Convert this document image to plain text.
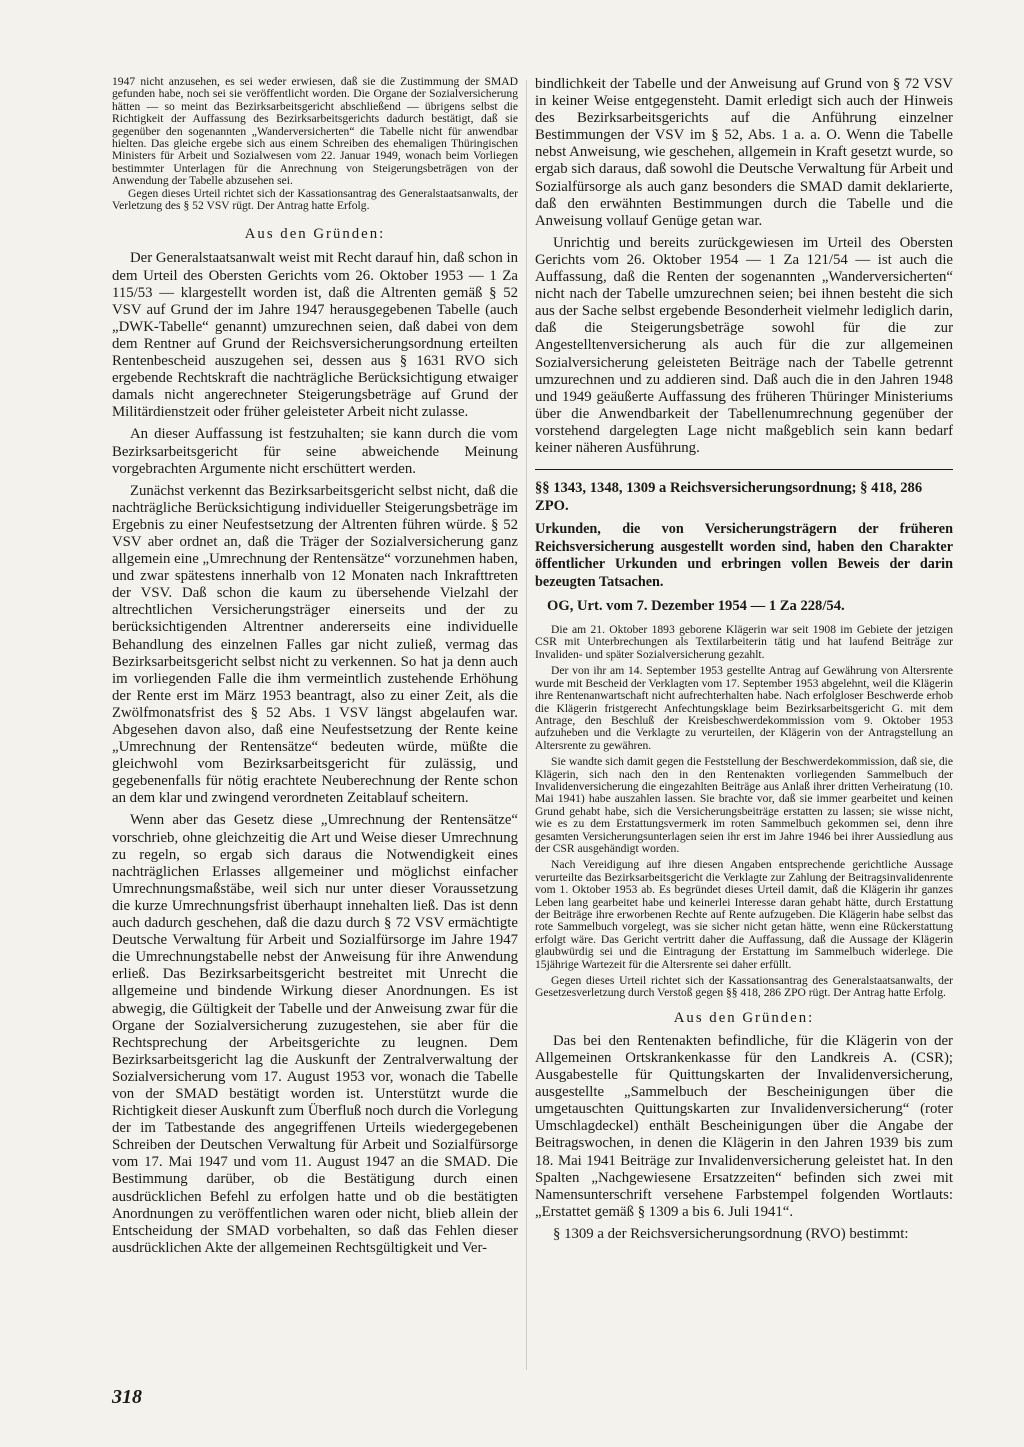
1947 nicht anzusehen, es sei weder erwiesen, daß sie die Zustimmung der SMAD gefunden habe, noch sei sie veröffentlicht worden. Die Organe der Sozialversicherung hätten — so meint das Bezirksarbeitsgericht abschließend — übrigens selbst die Richtigkeit der Auffassung des Bezirksarbeitsgerichts dadurch bestätigt, daß sie gegenüber den sogenannten „Wanderversicherten“ die Tabelle nicht für anwendbar hielten. Das gleiche ergebe sich aus einem Schreiben des ehemaligen Thüringischen Ministers für Arbeit und Sozialwesen vom 22. Januar 1949, wonach beim Vorliegen bestimmter Unterlagen für die Anrechnung von Steigerungsbeträgen von der Anwendung der Tabelle abzusehen sei.

Gegen dieses Urteil richtet sich der Kassationsantrag des Generalstaatsanwalts, der Verletzung des § 52 VSV rügt. Der Antrag hatte Erfolg.

Aus den Gründen:

Der Generalstaatsanwalt weist mit Recht darauf hin, daß schon in dem Urteil des Obersten Gerichts vom 26. Oktober 1953 — 1 Za 115/53 — klargestellt worden ist, daß die Altrenten gemäß § 52 VSV auf Grund der im Jahre 1947 herausgegebenen Tabelle (auch „DWK-Tabelle“ genannt) umzurechnen seien, daß dabei von dem dem Rentner auf Grund der Reichsversicherungsordnung erteilten Rentenbescheid auszugehen sei, dessen aus § 1631 RVO sich ergebende Rechtskraft die nachträgliche Berücksichtigung etwaiger damals nicht angerechneter Steigerungsbeträge auf Grund der Militärdienstzeit oder früher geleisteter Arbeit nicht zulasse.

An dieser Auffassung ist festzuhalten; sie kann durch die vom Bezirksarbeitsgericht für seine abweichende Meinung vorgebrachten Argumente nicht erschüttert werden.

Zunächst verkennt das Bezirksarbeitsgericht selbst nicht, daß die nachträgliche Berücksichtigung individueller Steigerungsbeträge im Ergebnis zu einer Neufestsetzung der Altrenten führen würde. § 52 VSV aber ordnet an, daß die Träger der Sozialversicherung ganz allgemein eine „Umrechnung der Rentensätze“ vorzunehmen haben, und zwar spätestens innerhalb von 12 Monaten nach Inkrafttreten der VSV. Daß schon die kaum zu übersehende Vielzahl der altrechtlichen Versicherungsträger einerseits und der zu berücksichtigenden Altrentner andererseits eine individuelle Behandlung des einzelnen Falles gar nicht zuließ, vermag das Bezirksarbeitsgericht selbst nicht zu verkennen. So hat ja denn auch im vorliegenden Falle die ihm vermeintlich zustehende Erhöhung der Rente erst im März 1953 beantragt, also zu einer Zeit, als die Zwölfmonatsfrist des § 52 Abs. 1 VSV längst abgelaufen war. Abgesehen davon also, daß eine Neufestsetzung der Rente keine „Umrechnung der Rentensätze“ bedeuten würde, müßte die gleichwohl vom Bezirksarbeitsgericht für zulässig, und gegebenenfalls für nötig erachtete Neuberechnung der Rente schon an dem klar und zwingend verordneten Zeitablauf scheitern.

Wenn aber das Gesetz diese „Umrechnung der Rentensätze“ vorschrieb, ohne gleichzeitig die Art und Weise dieser Umrechnung zu regeln, so ergab sich daraus die Notwendigkeit eines nachträglichen Erlasses allgemeiner und möglichst einfacher Umrechnungsmaßstäbe, weil sich nur unter dieser Voraussetzung die kurze Umrechnungsfrist überhaupt innehalten ließ. Das ist denn auch dadurch geschehen, daß die dazu durch § 72 VSV ermächtigte Deutsche Verwaltung für Arbeit und Sozialfürsorge im Jahre 1947 die Umrechnungstabelle nebst der Anweisung für ihre Anwendung erließ. Das Bezirksarbeitsgericht bestreitet mit Unrecht die allgemeine und bindende Wirkung dieser Anordnungen. Es ist abwegig, die Gültigkeit der Tabelle und der Anweisung zwar für die Organe der Sozialversicherung zuzugestehen, sie aber für die Rechtsprechung der Arbeitsgerichte zu leugnen. Dem Bezirksarbeitsgericht lag die Auskunft der Zentralverwaltung der Sozialversicherung vom 17. August 1953 vor, wonach die Tabelle von der SMAD bestätigt worden ist. Unterstützt wurde die Richtigkeit dieser Auskunft zum Überfluß noch durch die Vorlegung der im Tatbestande des angegriffenen Urteils wiedergegebenen Schreiben der Deutschen Verwaltung für Arbeit und Sozialfürsorge vom 17. Mai 1947 und vom 11. August 1947 an die SMAD. Die Bestimmung darüber, ob die Bestätigung durch einen ausdrücklichen Befehl zu erfolgen hatte und ob die bestätigten Anordnungen zu veröffentlichen waren oder nicht, blieb allein der Entscheidung der SMAD vorbehalten, so daß das Fehlen dieser ausdrücklichen Akte der allgemeinen Rechtsgültigkeit und Ver-

bindlichkeit der Tabelle und der Anweisung auf Grund von § 72 VSV in keiner Weise entgegensteht. Damit erledigt sich auch der Hinweis des Bezirksarbeitsgerichts auf die Anführung einzelner Bestimmungen der VSV im § 52, Abs. 1 a. a. O. Wenn die Tabelle nebst Anweisung, wie geschehen, allgemein in Kraft gesetzt wurde, so ergab sich daraus, daß sowohl die Deutsche Verwaltung für Arbeit und Sozialfürsorge als auch ganz besonders die SMAD damit deklarierte, daß den erwähnten Bestimmungen durch die Tabelle und die Anweisung vollauf Genüge getan war.

Unrichtig und bereits zurückgewiesen im Urteil des Obersten Gerichts vom 26. Oktober 1954 — 1 Za 121/54 — ist auch die Auffassung, daß die Renten der sogenannten „Wanderversicherten“ nicht nach der Tabelle umzurechnen seien; bei ihnen besteht die sich aus der Sache selbst ergebende Besonderheit vielmehr lediglich darin, daß die Steigerungsbeträge sowohl für die zur Angestelltenversicherung als auch für die zur allgemeinen Sozialversicherung geleisteten Beiträge nach der Tabelle getrennt umzurechnen und zu addieren sind. Daß auch die in den Jahren 1948 und 1949 geäußerte Auffassung des früheren Thüringer Ministeriums über die Anwendbarkeit der Tabellenumrechnung gegenüber der vorstehend dargelegten Lage nicht maßgeblich sein kann bedarf keiner näheren Ausführung.

§§ 1343, 1348, 1309 a Reichsversicherungsordnung; § 418, 286 ZPO.

Urkunden, die von Versicherungsträgern der früheren Reichsversicherung ausgestellt worden sind, haben den Charakter öffentlicher Urkunden und erbringen vollen Beweis der darin bezeugten Tatsachen.

OG, Urt. vom 7. Dezember 1954 — 1 Za 228/54.

Die am 21. Oktober 1893 geborene Klägerin war seit 1908 im Gebiete der jetzigen CSR mit Unterbrechungen als Textilarbeiterin tätig und hat laufend Beiträge zur Invaliden- und später Sozialversicherung gezahlt.

Der von ihr am 14. September 1953 gestellte Antrag auf Gewährung von Altersrente wurde mit Bescheid der Verklagten vom 17. September 1953 abgelehnt, weil die Klägerin ihre Rentenanwartschaft nicht aufrechterhalten habe. Nach erfolgloser Beschwerde erhob die Klägerin fristgerecht Anfechtungsklage beim Bezirksarbeitsgericht G. mit dem Antrage, den Beschluß der Kreisbeschwerdekommission vom 9. Oktober 1953 aufzuheben und die Verklagte zu verurteilen, der Klägerin von der Antragstellung an Altersrente zu gewähren.

Sie wandte sich damit gegen die Feststellung der Beschwerdekommission, daß sie, die Klägerin, sich nach den in den Rentenakten vorliegenden Sammelbuch der Invalidenversicherung die eingezahlten Beiträge aus Anlaß ihrer dritten Verheiratung (10. Mai 1941) habe auszahlen lassen. Sie brachte vor, daß sie immer gearbeitet und keinen Grund gehabt habe, sich die Versicherungsbeiträge erstatten zu lassen; sie wisse nicht, wie es zu dem Erstattungsvermerk im roten Sammelbuch gekommen sei, denn ihre gesamten Versicherungsunterlagen seien ihr erst im Jahre 1946 bei ihrer Aussiedlung aus der CSR ausgehändigt worden.

Nach Vereidigung auf ihre diesen Angaben entsprechende gerichtliche Aussage verurteilte das Bezirksarbeitsgericht die Verklagte zur Zahlung der Beitragsinvalidenrente vom 1. Oktober 1953 ab. Es begründet dieses Urteil damit, daß die Klägerin ihr ganzes Leben lang gearbeitet habe und keinerlei Interesse daran gehabt hätte, durch Erstattung der Beiträge ihre erworbenen Rechte auf Rente aufzugeben. Die Klägerin habe selbst das rote Sammelbuch vorgelegt, was sie sicher nicht getan hätte, wenn eine Rückerstattung erfolgt wäre. Das Gericht vertritt daher die Auffassung, daß die Aussage der Klägerin glaubwürdig sei und die Eintragung der Erstattung im Sammelbuch widerlege. Die 15jährige Wartezeit für die Altersrente sei daher erfüllt.

Gegen dieses Urteil richtet sich der Kassationsantrag des Generalstaatsanwalts, der Gesetzesverletzung durch Verstoß gegen §§ 418, 286 ZPO rügt. Der Antrag hatte Erfolg.

Aus den Gründen:

Das bei den Rentenakten befindliche, für die Klägerin von der Allgemeinen Ortskrankenkasse für den Landkreis A. (CSR); Ausgabestelle für Quittungskarten der Invalidenversicherung, ausgestellte „Sammelbuch der Bescheinigungen über die umgetauschten Quittungskarten zur Invalidenversicherung“ (roter Umschlagdeckel) enthält Bescheinigungen über die Angabe der Beitragswochen, in denen die Klägerin in den Jahren 1939 bis zum 18. Mai 1941 Beiträge zur Invalidenversicherung geleistet hat. In den Spalten „Nachgewiesene Ersatzzeiten“ befinden sich zwei mit Namensunterschrift versehene Farbstempel folgenden Wortlauts: „Erstattet gemäß § 1309 a bis 6. Juli 1941“.

§ 1309 a der Reichsversicherungsordnung (RVO) bestimmt:

318
